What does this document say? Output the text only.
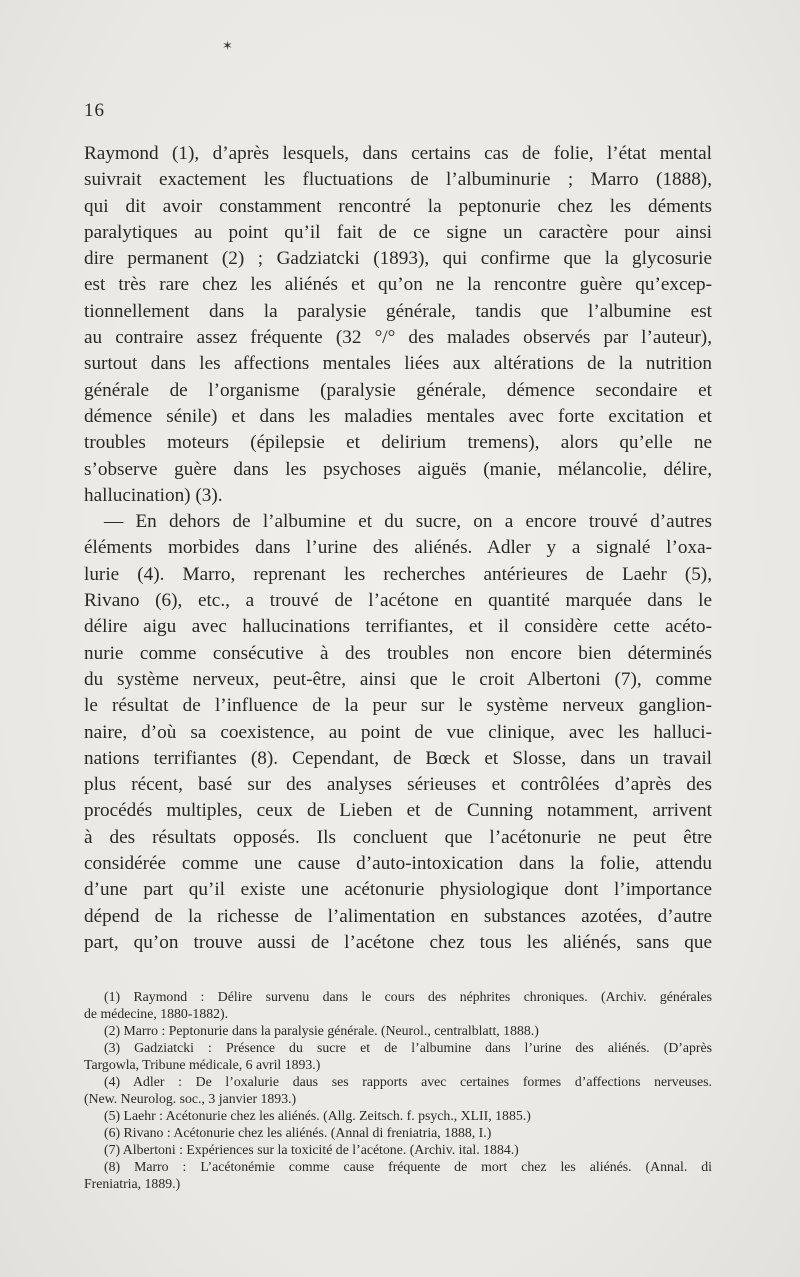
✶
16
Raymond (1), d’après lesquels, dans certains cas de folie, l’état mental
suivrait exactement les fluctuations de l’albuminurie ; Marro (1888),
qui dit avoir constamment rencontré la peptonurie chez les déments
paralytiques au point qu’il fait de ce signe un caractère pour ainsi
dire permanent (2) ; Gadziatcki (1893), qui confirme que la glycosurie
est très rare chez les aliénés et qu’on ne la rencontre guère qu’excep-
tionnellement dans la paralysie générale, tandis que l’albumine est
au contraire assez fréquente (32 °/° des malades observés par l’auteur),
surtout dans les affections mentales liées aux altérations de la nutrition
générale de l’organisme (paralysie générale, démence secondaire et
démence sénile) et dans les maladies mentales avec forte excitation et
troubles moteurs (épilepsie et delirium tremens), alors qu’elle ne
s’observe guère dans les psychoses aiguës (manie, mélancolie, délire,
hallucination) (3).
— En dehors de l’albumine et du sucre, on a encore trouvé d’autres
éléments morbides dans l’urine des aliénés. Adler y a signalé l’oxa-
lurie (4). Marro, reprenant les recherches antérieures de Laehr (5),
Rivano (6), etc., a trouvé de l’acétone en quantité marquée dans le
délire aigu avec hallucinations terrifiantes, et il considère cette acéto-
nurie comme consécutive à des troubles non encore bien déterminés
du système nerveux, peut-être, ainsi que le croit Albertoni (7), comme
le résultat de l’influence de la peur sur le système nerveux ganglion-
naire, d’où sa coexistence, au point de vue clinique, avec les halluci-
nations terrifiantes (8). Cependant, de Bœck et Slosse, dans un travail
plus récent, basé sur des analyses sérieuses et contrôlées d’après des
procédés multiples, ceux de Lieben et de Cunning notamment, arrivent
à des résultats opposés. Ils concluent que l’acétonurie ne peut être
considérée comme une cause d’auto-intoxication dans la folie, attendu
d’une part qu’il existe une acétonurie physiologique dont l’importance
dépend de la richesse de l’alimentation en substances azotées, d’autre
part, qu’on trouve aussi de l’acétone chez tous les aliénés, sans que
(1) Raymond : Délire survenu dans le cours des néphrites chroniques. (Archiv. générales
de médecine, 1880-1882).
(2) Marro : Peptonurie dans la paralysie générale. (Neurol., centralblatt, 1888.)
(3) Gadziatcki : Présence du sucre et de l’albumine dans l’urine des aliénés. (D’après
Targowla, Tribune médicale, 6 avril 1893.)
(4) Adler : De l’oxalurie daus ses rapports avec certaines formes d’affections nerveuses.
(New. Neurolog. soc., 3 janvier 1893.)
(5) Laehr : Acétonurie chez les aliénés. (Allg. Zeitsch. f. psych., XLII, 1885.)
(6) Rivano : Acétonurie chez les aliénés. (Annal di freniatria, 1888, I.)
(7) Albertoni : Expériences sur la toxicité de l’acétone. (Archiv. ital. 1884.)
(8) Marro : L’acétonémie comme cause fréquente de mort chez les aliénés. (Annal. di
Freniatria, 1889.)
